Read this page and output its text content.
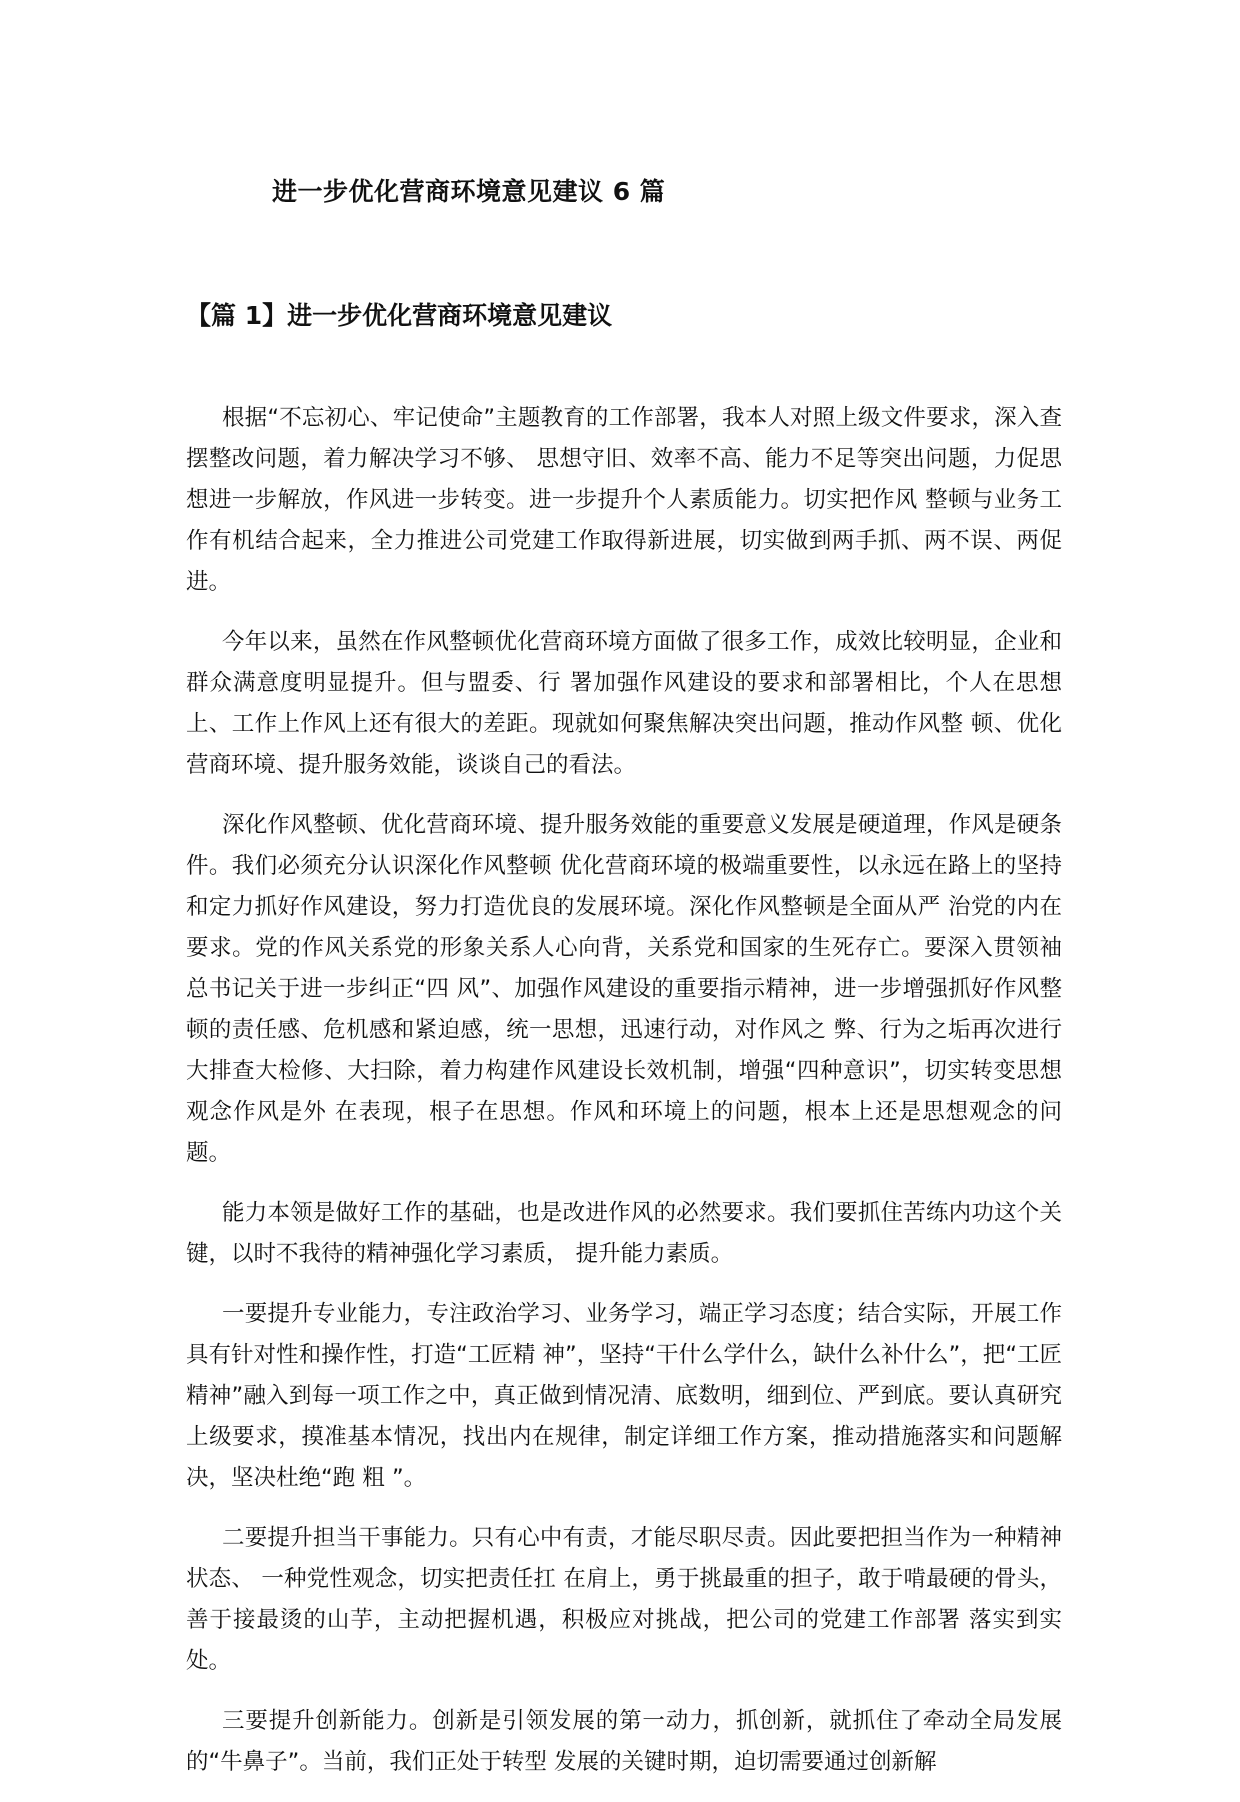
进一步优化营商环境意见建议 6 篇
【篇 1】进一步优化营商环境意见建议

根据“不忘初心、牢记使命”主题教育的工作部署，我本人对照上级文件要求，深入查摆整改问题，着力解决学习不够、 思想守旧、效率不高、能力不足等突出问题，力促思想进一步解放，作风进一步转变。进一步提升个人素质能力。切实把作风 整顿与业务工作有机结合起来，全力推进公司党建工作取得新进展，切实做到两手抓、两不误、两促进。

今年以来，虽然在作风整顿优化营商环境方面做了很多工作，成效比较明显，企业和群众满意度明显提升。但与盟委、行 署加强作风建设的要求和部署相比，个人在思想上、工作上作风上还有很大的差距。现就如何聚焦解决突出问题，推动作风整 顿、优化营商环境、提升服务效能，谈谈自己的看法。

深化作风整顿、优化营商环境、提升服务效能的重要意义发展是硬道理，作风是硬条件。我们必须充分认识深化作风整顿 优化营商环境的极端重要性，以永远在路上的坚持和定力抓好作风建设，努力打造优良的发展环境。深化作风整顿是全面从严 治党的内在要求。党的作风关系党的形象关系人心向背，关系党和国家的生死存亡。要深入贯领袖总书记关于进一步纠正“四 风”、加强作风建设的重要指示精神，进一步增强抓好作风整顿的责任感、危机感和紧迫感，统一思想，迅速行动，对作风之 弊、行为之垢再次进行大排查大检修、大扫除，着力构建作风建设长效机制，增强“四种意识”，切实转变思想观念作风是外 在表现，根子在思想。作风和环境上的问题，根本上还是思想观念的问题。

能力本领是做好工作的基础，也是改进作风的必然要求。我们要抓住苦练内功这个关键，以时不我待的精神强化学习素质， 提升能力素质。

一要提升专业能力，专注政治学习、业务学习，端正学习态度；结合实际，开展工作具有针对性和操作性，打造“工匠精 神”，坚持“干什么学什么，缺什么补什么”，把“工匠精神”融入到每一项工作之中，真正做到情况清、底数明，细到位、严到底。要认真研究上级要求，摸准基本情况，找出内在规律，制定详细工作方案，推动措施落实和问题解决，坚决杜绝“跑 粗 ”。

二要提升担当干事能力。只有心中有责，才能尽职尽责。因此要把担当作为一种精神状态、 一种党性观念，切实把责任扛 在肩上，勇于挑最重的担子，敢于啃最硬的骨头，善于接最烫的山芋，主动把握机遇，积极应对挑战，把公司的党建工作部署 落实到实处。

三要提升创新能力。创新是引领发展的第一动力，抓创新，就抓住了牵动全局发展的“牛鼻子”。当前，我们正处于转型 发展的关键时期，迫切需要通过创新解
